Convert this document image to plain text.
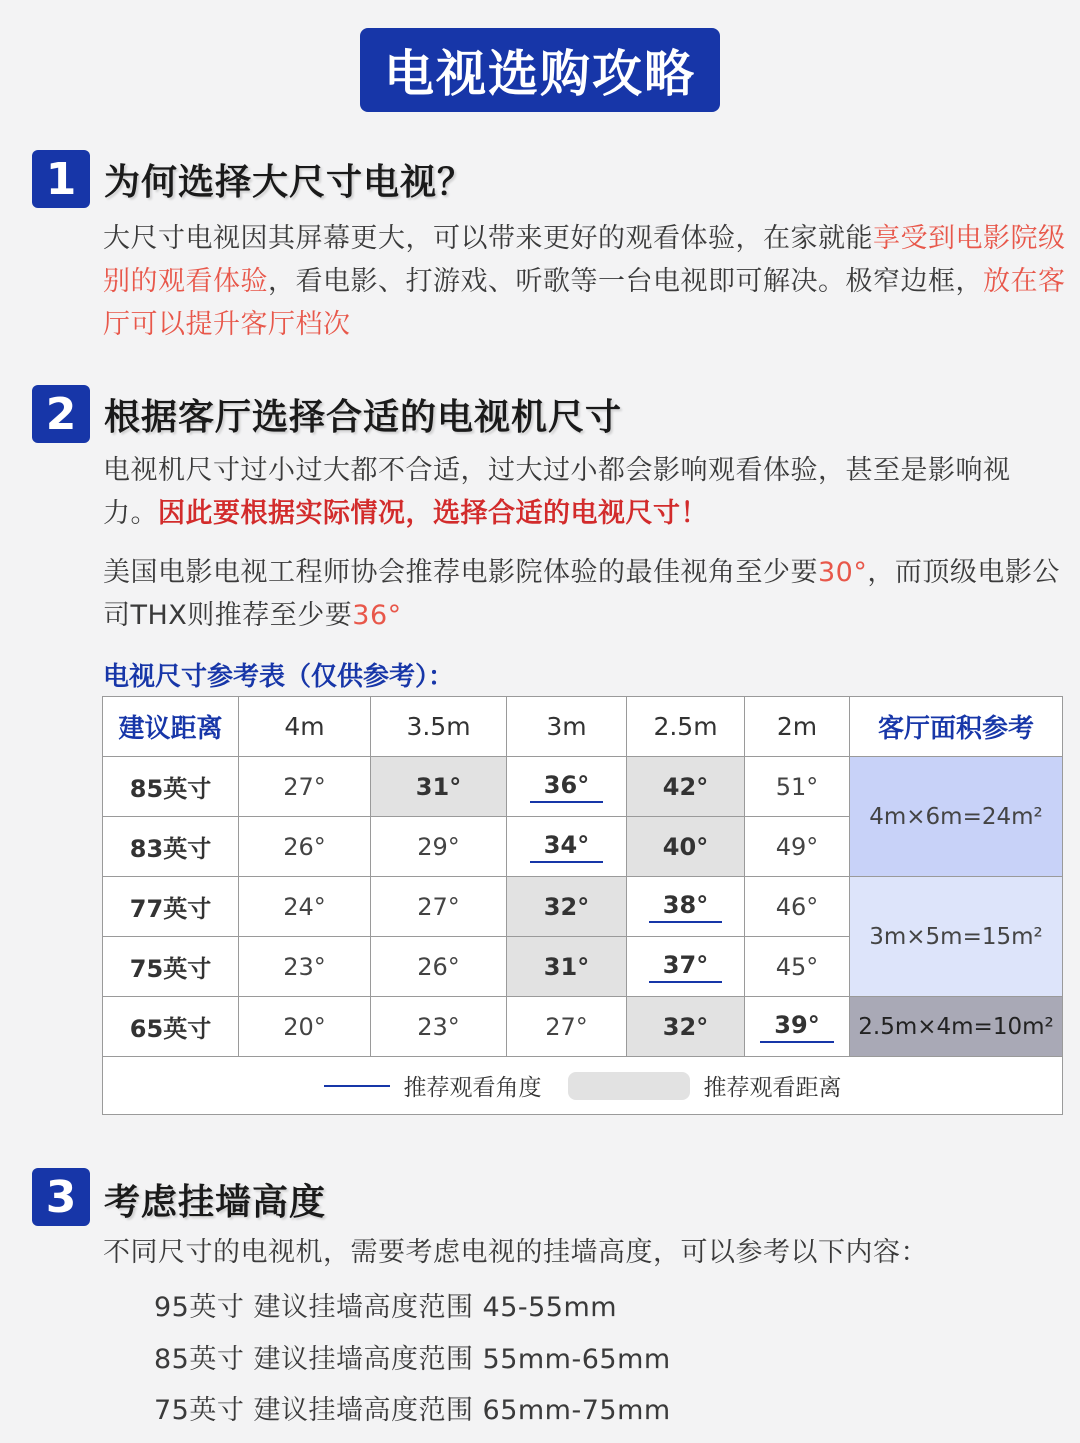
电视选购攻略
1 为何选择大尺寸电视？
大尺寸电视因其屏幕更大，可以带来更好的观看体验，在家就能享受到电影院级别的观看体验，看电影、打游戏、听歌等一台电视即可解决。极窄边框，放在客厅可以提升客厅档次
2 根据客厅选择合适的电视机尺寸
电视机尺寸过小过大都不合适，过大过小都会影响观看体验，甚至是影响视力。因此要根据实际情况，选择合适的电视尺寸！
美国电影电视工程师协会推荐电影院体验的最佳视角至少要30°，而顶级电影公司THX则推荐至少要36°
电视尺寸参考表（仅供参考）：
建议距离	4m	3.5m	3m	2.5m	2m	客厅面积参考
85英寸	27°	31°	36°	42°	51°	4m×6m=24m²
83英寸	26°	29°	34°	40°	49°	
77英寸	24°	27°	32°	38°	46°	3m×5m=15m²
75英寸	23°	26°	31°	37°	45°	
65英寸	20°	23°	27°	32°	39°	2.5m×4m=10m²

推荐观看角度 推荐观看距离						
3 考虑挂墙高度
不同尺寸的电视机，需要考虑电视的挂墙高度，可以参考以下内容：
95英寸 建议挂墙高度范围 45-55mm
85英寸 建议挂墙高度范围 55mm-65mm
75英寸 建议挂墙高度范围 65mm-75mm
